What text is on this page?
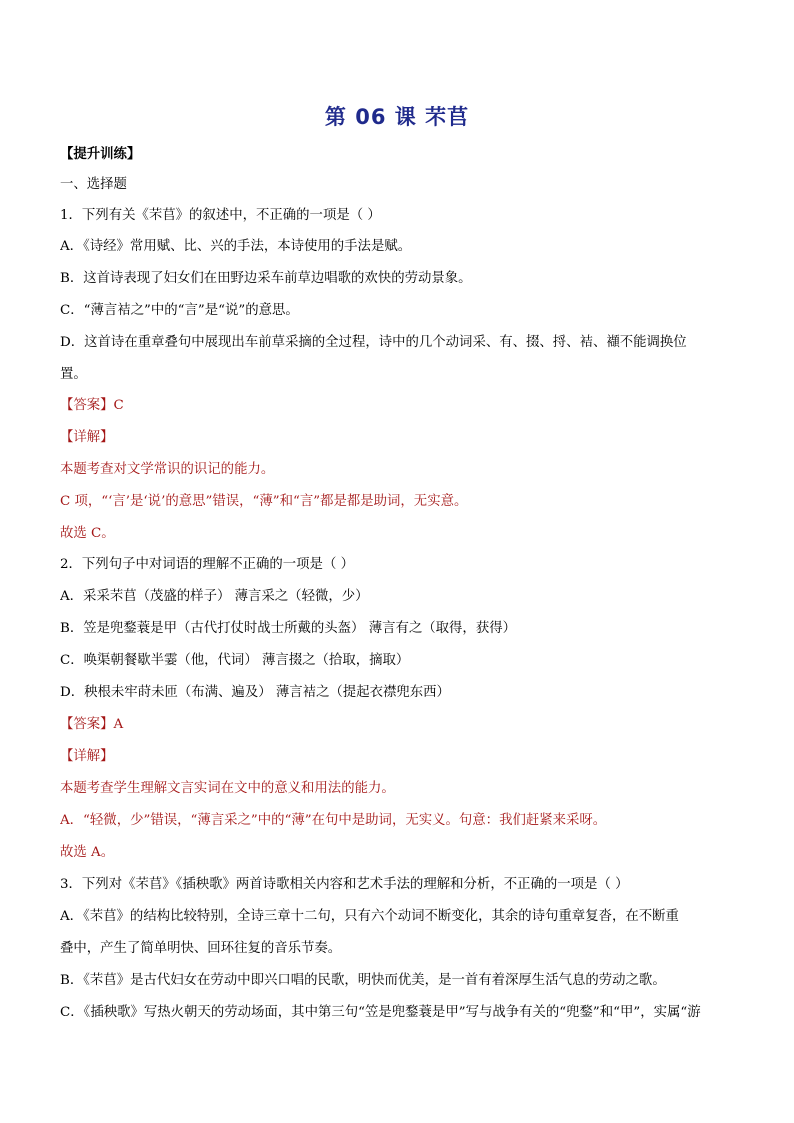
第 06 课 芣苢
【提升训练】
一、选择题
1．下列有关《芣苢》的叙述中，不正确的一项是（ ）
A．《诗经》常用赋、比、兴的手法，本诗使用的手法是赋。
B．这首诗表现了妇女们在田野边采车前草边唱歌的欢快的劳动景象。
C．“薄言袺之”中的“言”是“说”的意思。
D．这首诗在重章叠句中展现出车前草采摘的全过程，诗中的几个动词采、有、掇、捋、袺、襭不能调换位
置。
【答案】C
【详解】
本题考查对文学常识的识记的能力。
C 项，“‘言’是‘说’的意思”错误，“薄”和“言”都是都是助词，无实意。
故选 C。
2．下列句子中对词语的理解不正确的一项是（ ）
A．采采芣苢（茂盛的样子） 薄言采之（轻微，少）
B．笠是兜鍪蓑是甲（古代打仗时战士所戴的头盔） 薄言有之（取得，获得）
C．唤渠朝餐歇半霎（他，代词） 薄言掇之（拾取，摘取）
D．秧根未牢莳未匝（布满、遍及） 薄言袺之（提起衣襟兜东西）
【答案】A
【详解】
本题考查学生理解文言实词在文中的意义和用法的能力。
A．“轻微，少”错误，“薄言采之”中的“薄”在句中是助词，无实义。句意：我们赶紧来采呀。
故选 A。
3．下列对《芣苢》《插秧歌》两首诗歌相关内容和艺术手法的理解和分析，不正确的一项是（ ）
A．《芣苢》的结构比较特别，全诗三章十二句，只有六个动词不断变化，其余的诗句重章复沓，在不断重
叠中，产生了简单明快、回环往复的音乐节奏。
B．《芣苢》是古代妇女在劳动中即兴口唱的民歌，明快而优美，是一首有着深厚生活气息的劳动之歌。
C．《插秧歌》写热火朝天的劳动场面，其中第三句“笠是兜鍪蓑是甲”写与战争有关的“兜鍪”和“甲”，实属“游
